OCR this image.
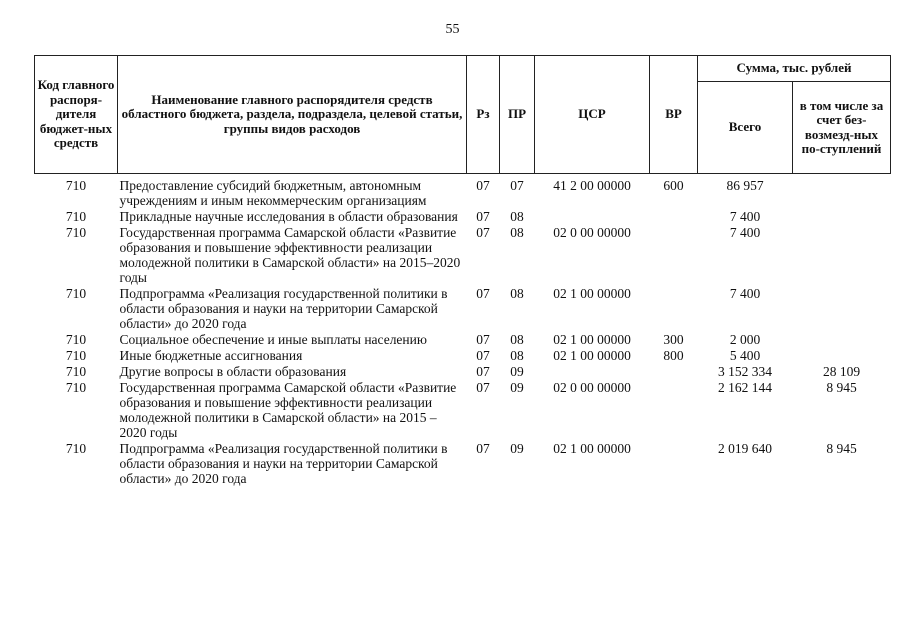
55
Код главного распоря-дителя бюджет-ных средств	Наименование главного распорядителя средств областного бюджета, раздела, подраздела, целевой статьи, группы видов расходов	Рз	ПР	ЦСР	ВР	Сумма, тыс. рублей	
						Всего	в том числе за счет без-возмезд-ных по-ступлений
710	Предоставление субсидий бюджетным, автономным учреждениям и иным некоммерческим организациям	07	07	41 2 00 00000	600	86 957	
710	Прикладные научные исследования в области образования	07	08			7 400	
710	Государственная программа Самарской области «Развитие образования и повышение эффективности реализации молодежной политики в Самарской области» на 2015–2020 годы	07	08	02 0 00 00000		7 400	
710	Подпрограмма «Реализация государственной политики в области образования и науки на территории Самарской области» до 2020 года	07	08	02 1 00 00000		7 400	
710	Социальное обеспечение и иные выплаты населению	07	08	02 1 00 00000	300	2 000	
710	Иные бюджетные ассигнования	07	08	02 1 00 00000	800	5 400	
710	Другие вопросы в области образования	07	09			3 152 334	28 109
710	Государственная программа Самарской области «Развитие образования и повышение эффективности реализации молодежной политики в Самарской области» на 2015 – 2020 годы	07	09	02 0 00 00000		2 162 144	8 945
710	Подпрограмма «Реализация государственной политики в области образования и науки на территории Самарской области» до 2020 года	07	09	02 1 00 00000		2 019 640	8 945
